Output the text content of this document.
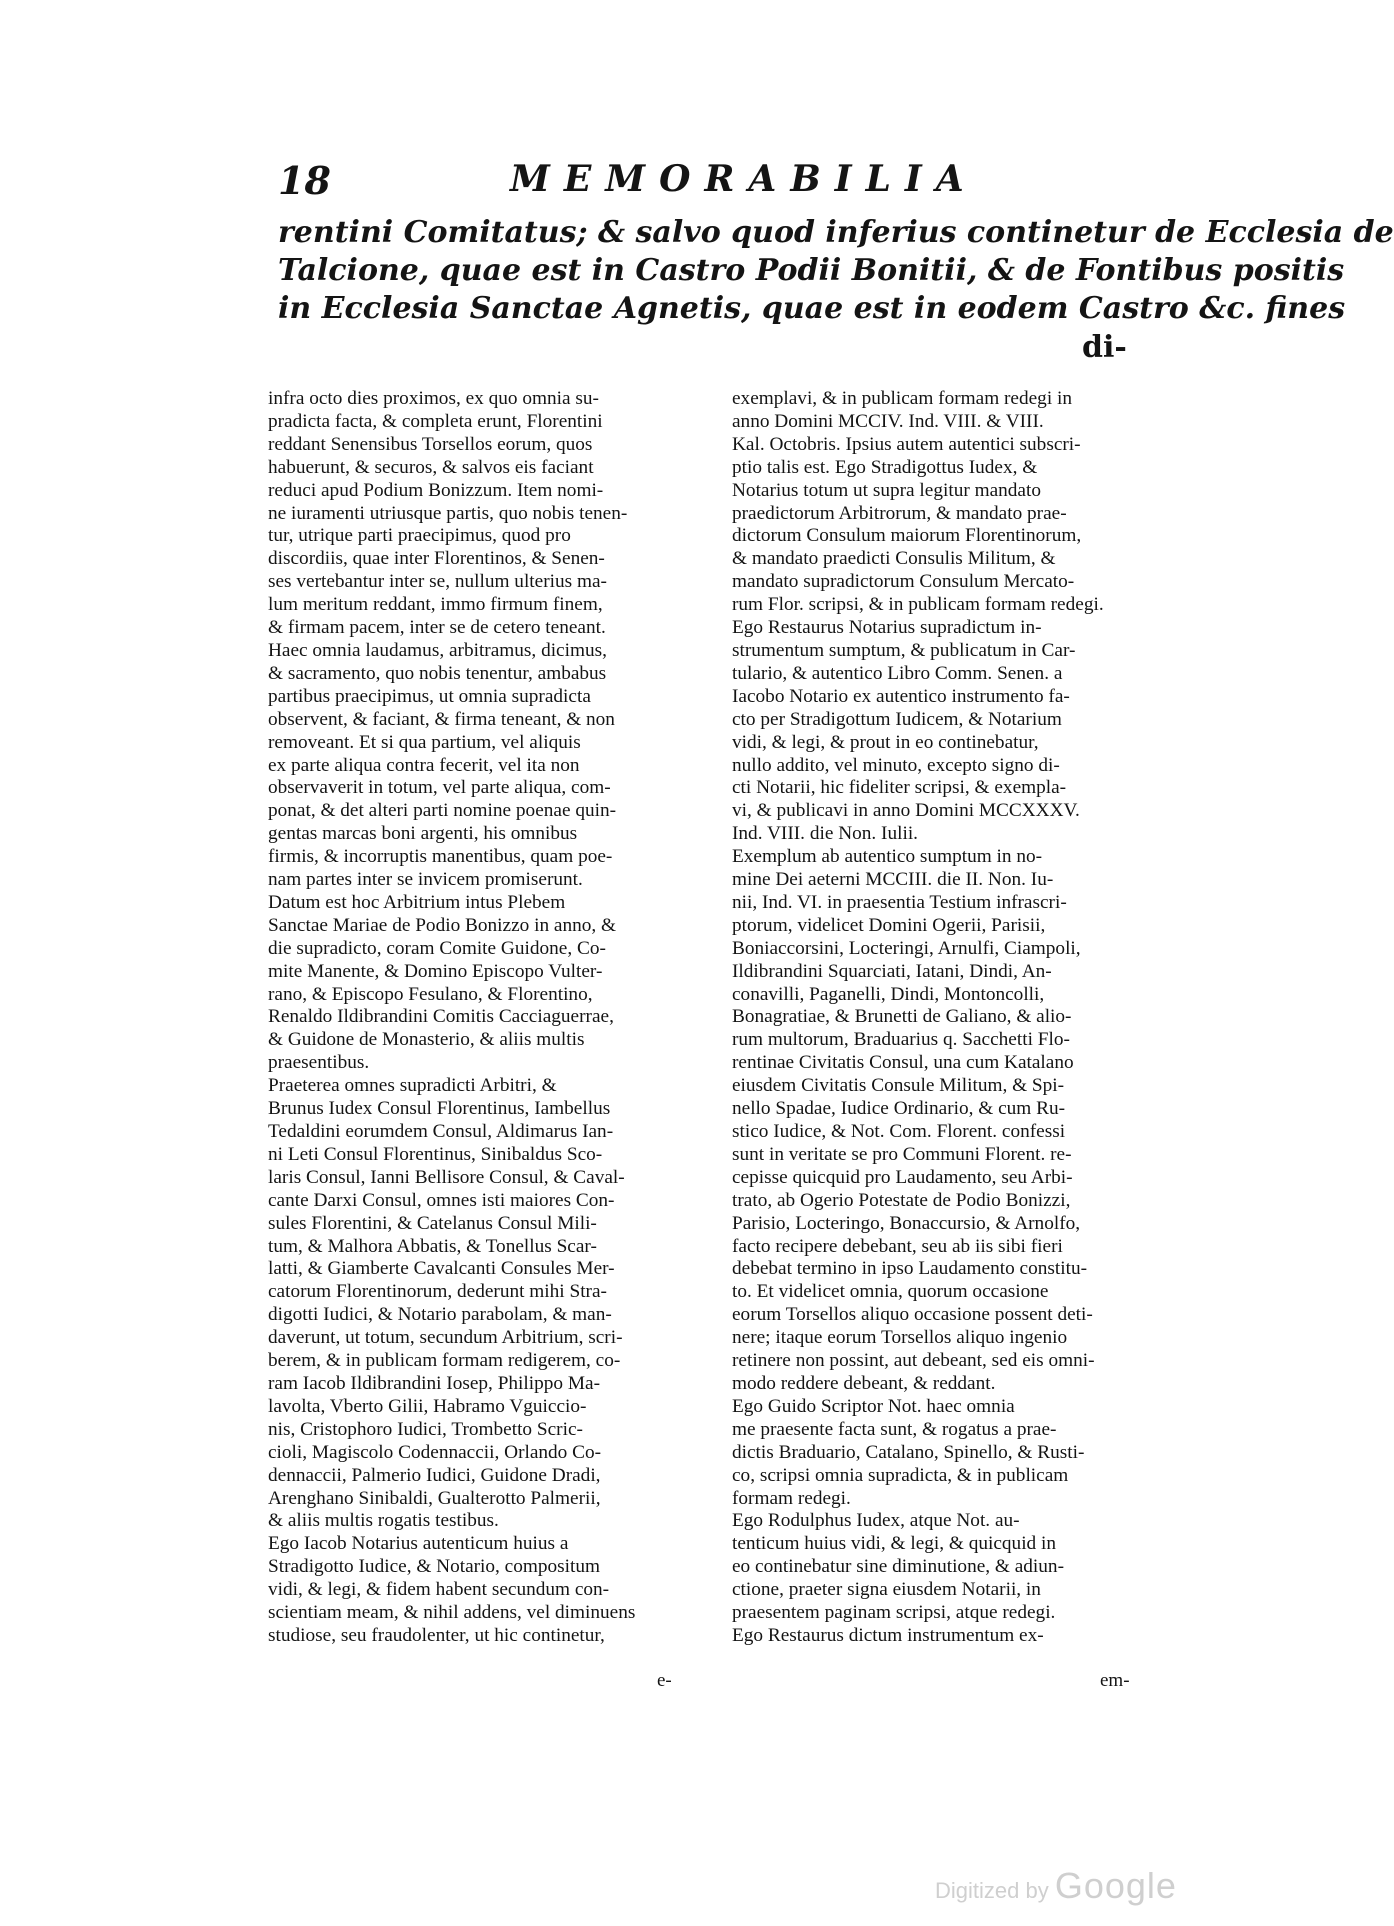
18	MEMORABILIA
rentini Comitatus; & salvo quod inferius continetur de Ecclesia de
Talcione, quae est in Castro Podii Bonitii, & de Fontibus positis
in Ecclesia Sanctae Agnetis, quae est in eodem Castro &c. fines
di-
infra octo dies proximos, ex quo omnia su-
pradicta facta, & completa erunt, Florentini
reddant Senensibus Torsellos eorum, quos
habuerunt, & securos, & salvos eis faciant
reduci apud Podium Bonizzum. Item nomi-
ne iuramenti utriusque partis, quo nobis tenen-
tur, utrique parti praecipimus, quod pro
discordiis, quae inter Florentinos, & Senen-
ses vertebantur inter se, nullum ulterius ma-
lum meritum reddant, immo firmum finem,
& firmam pacem, inter se de cetero teneant.
Haec omnia laudamus, arbitramus, dicimus,
& sacramento, quo nobis tenentur, ambabus
partibus praecipimus, ut omnia supradicta
observent, & faciant, & firma teneant, & non
removeant. Et si qua partium, vel aliquis
ex parte aliqua contra fecerit, vel ita non
observaverit in totum, vel parte aliqua, com-
ponat, & det alteri parti nomine poenae quin-
gentas marcas boni argenti, his omnibus
firmis, & incorruptis manentibus, quam poe-
nam partes inter se invicem promiserunt.
Datum est hoc Arbitrium intus Plebem
Sanctae Mariae de Podio Bonizzo in anno, &
die supradicto, coram Comite Guidone, Co-
mite Manente, & Domino Episcopo Vulter-
rano, & Episcopo Fesulano, & Florentino,
Renaldo Ildibrandini Comitis Cacciaguerrae,
& Guidone de Monasterio, & aliis multis
praesentibus.
Praeterea omnes supradicti Arbitri, &
Brunus Iudex Consul Florentinus, Iambellus
Tedaldini eorumdem Consul, Aldimarus Ian-
ni Leti Consul Florentinus, Sinibaldus Sco-
laris Consul, Ianni Bellisore Consul, & Caval-
cante Darxi Consul, omnes isti maiores Con-
sules Florentini, & Catelanus Consul Mili-
tum, & Malhora Abbatis, & Tonellus Scar-
latti, & Giamberte Cavalcanti Consules Mer-
catorum Florentinorum, dederunt mihi Stra-
digotti Iudici, & Notario parabolam, & man-
daverunt, ut totum, secundum Arbitrium, scri-
berem, & in publicam formam redigerem, co-
ram Iacob Ildibrandini Iosep, Philippo Ma-
lavolta, Vberto Gilii, Habramo Vguiccio-
nis, Cristophoro Iudici, Trombetto Scric-
cioli, Magiscolo Codennaccii, Orlando Co-
dennaccii, Palmerio Iudici, Guidone Dradi,
Arenghano Sinibaldi, Gualterotto Palmerii,
& aliis multis rogatis testibus.
Ego Iacob Notarius autenticum huius a
Stradigotto Iudice, & Notario, compositum
vidi, & legi, & fidem habent secundum con-
scientiam meam, & nihil addens, vel diminuens
studiose, seu fraudolenter, ut hic continetur,
exemplavi, & in publicam formam redegi in
anno Domini MCCIV. Ind. VIII. & VIII.
Kal. Octobris. Ipsius autem autentici subscri-
ptio talis est. Ego Stradigottus Iudex, &
Notarius totum ut supra legitur mandato
praedictorum Arbitrorum, & mandato prae-
dictorum Consulum maiorum Florentinorum,
& mandato praedicti Consulis Militum, &
mandato supradictorum Consulum Mercato-
rum Flor. scripsi, & in publicam formam redegi.
Ego Restaurus Notarius supradictum in-
strumentum sumptum, & publicatum in Car-
tulario, & autentico Libro Comm. Senen. a
Iacobo Notario ex autentico instrumento fa-
cto per Stradigottum Iudicem, & Notarium
vidi, & legi, & prout in eo continebatur,
nullo addito, vel minuto, excepto signo di-
cti Notarii, hic fideliter scripsi, & exempla-
vi, & publicavi in anno Domini MCCXXXV.
Ind. VIII. die Non. Iulii.
Exemplum ab autentico sumptum in no-
mine Dei aeterni MCCIII. die II. Non. Iu-
nii, Ind. VI. in praesentia Testium infrascri-
ptorum, videlicet Domini Ogerii, Parisii,
Boniaccorsini, Locteringi, Arnulfi, Ciampoli,
Ildibrandini Squarciati, Iatani, Dindi, An-
conavilli, Paganelli, Dindi, Montoncolli,
Bonagratiae, & Brunetti de Galiano, & alio-
rum multorum, Braduarius q. Sacchetti Flo-
rentinae Civitatis Consul, una cum Katalano
eiusdem Civitatis Consule Militum, & Spi-
nello Spadae, Iudice Ordinario, & cum Ru-
stico Iudice, & Not. Com. Florent. confessi
sunt in veritate se pro Communi Florent. re-
cepisse quicquid pro Laudamento, seu Arbi-
trato, ab Ogerio Potestate de Podio Bonizzi,
Parisio, Locteringo, Bonaccursio, & Arnolfo,
facto recipere debebant, seu ab iis sibi fieri
debebat termino in ipso Laudamento constitu-
to. Et videlicet omnia, quorum occasione
eorum Torsellos aliquo occasione possent deti-
nere; itaque eorum Torsellos aliquo ingenio
retinere non possint, aut debeant, sed eis omni-
modo reddere debeant, & reddant.
Ego Guido Scriptor Not. haec omnia
me praesente facta sunt, & rogatus a prae-
dictis Braduario, Catalano, Spinello, & Rusti-
co, scripsi omnia supradicta, & in publicam
formam redegi.
Ego Rodulphus Iudex, atque Not. au-
tenticum huius vidi, & legi, & quicquid in
eo continebatur sine diminutione, & adiun-
ctione, praeter signa eiusdem Notarii, in
praesentem paginam scripsi, atque redegi.
Ego Restaurus dictum instrumentum ex-
e-	em-
Digitized by Google
